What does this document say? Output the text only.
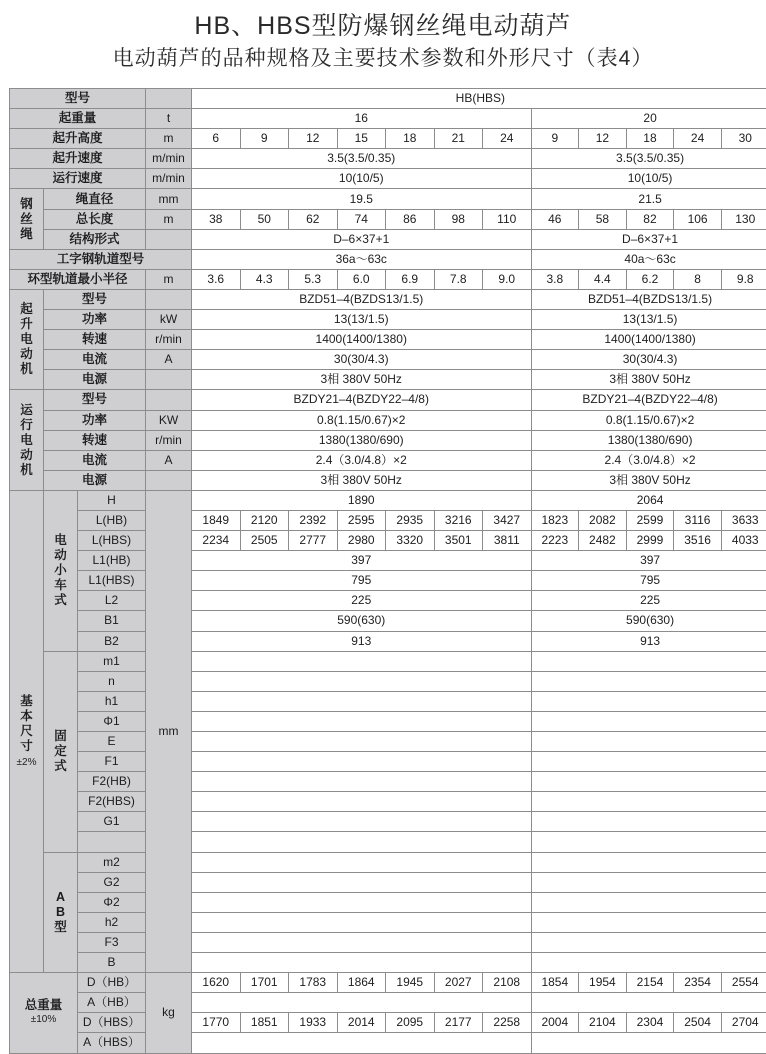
HB、HBS型防爆钢丝绳电动葫芦
电动葫芦的品种规格及主要技术参数和外形尺寸（表4）
型号				HB(HBS)											
起重量			t	16							20				
起升高度			m	6	9	12	15	18	21	24	9	12	18	24	30
起升速度			m/min	3.5(3.5/0.35)							3.5(3.5/0.35)				
运行速度			m/min	10(10/5)							10(10/5)				
钢丝绳	绳直径		mm	19.5							21.5				
	总长度		m	38	50	62	74	86	98	110	46	58	82	106	130
	结构形式			D–6×37+1							D–6×37+1				
工字钢轨道型号				36a～63c							40a～63c				
环型轨道最小半径			m	3.6	4.3	5.3	6.0	6.9	7.8	9.0	3.8	4.4	6.2	8	9.8
起升电动机	型号			BZD51–4(BZDS13/1.5)							BZD51–4(BZDS13/1.5)				
	功率		kW	13(13/1.5)							13(13/1.5)				
	转速		r/min	1400(1400/1380)							1400(1400/1380)				
	电流		A	30(30/4.3)							30(30/4.3)				
	电源			3相 380V 50Hz							3相 380V 50Hz				
运行电动机	型号			BZDY21–4(BZDY22–4/8)							BZDY21–4(BZDY22–4/8)				
	功率		KW	0.8(1.15/0.67)×2							0.8(1.15/0.67)×2				
	转速		r/min	1380(1380/690)							1380(1380/690)				
	电流		A	2.4（3.0/4.8）×2							2.4（3.0/4.8）×2				
	电源			3相 380V 50Hz							3相 380V 50Hz				
基本尺寸
±2%	电动小车式	H	mm	1890							2064				
		L(HB)		1849	2120	2392	2595	2935	3216	3427	1823	2082	2599	3116	3633
		L(HBS)		2234	2505	2777	2980	3320	3501	3811	2223	2482	2999	3516	4033
		L1(HB)		397							397				
		L1(HBS)		795							795				
		L2		225							225				
		B1		590(630)							590(630)				
		B2		913							913				
	固定式	m1													
		n													
		h1													
		Φ1													
		E													
		F1													
		F2(HB)													
		F2(HBS)													
		G1													

	AB型	m2													
		G2													
		Φ2													
		h2													
		F3													
		B													
总重量
±10%		D（HB）	kg	1620	1701	1783	1864	1945	2027	2108	1854	1954	2154	2354	2554
		A（HB）													
		D（HBS）		1770	1851	1933	2014	2095	2177	2258	2004	2104	2304	2504	2704
		A（HBS）													
